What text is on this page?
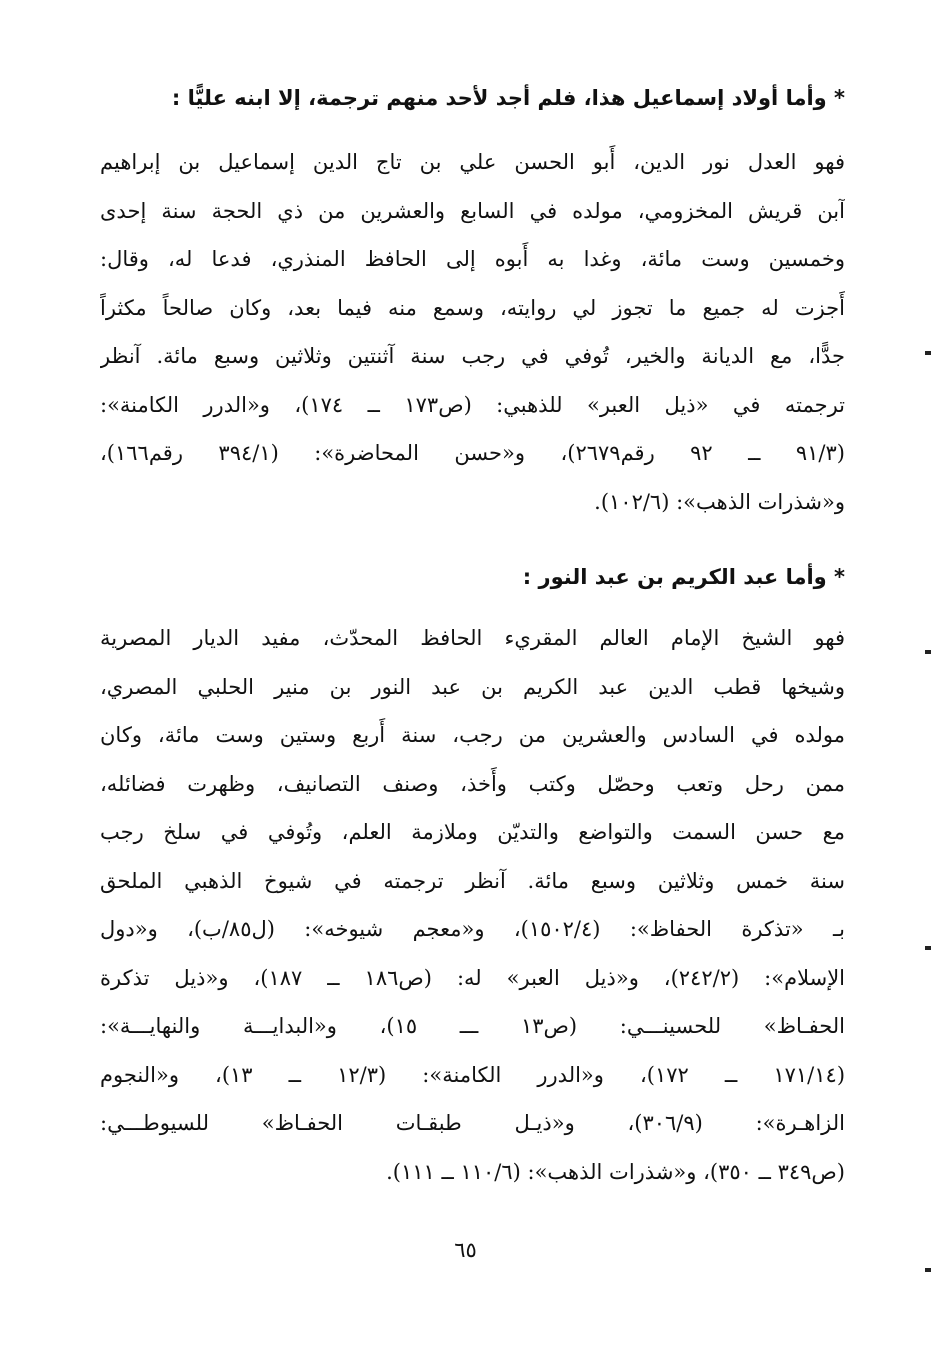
* وأما أولاد إسماعيل هذا، فلم أجد لأحد منهم ترجمة، إلا ابنه عليًّا :
فهو العدل نور الدين، أَبو الحسن علي بن تاج الدين إسماعيل بن إبراهيم
آبن قريش المخزومي، مولده في السابع والعشرين من ذي الحجة سنة إحدى
وخمسين وست مائة، وغدا به أَبوه إلى الحافظ المنذري، فدعا له، وقال:
أَجزت له جميع ما تجوز لي روايته، وسمع منه فيما بعد، وكان صالحاً مكثراً
جدًّا، مع الديانة والخير، تُوفي في رجب سنة آثنتين وثلاثين وسبع مائة. آنظر
ترجمته في «ذيل العبر» للذهبي: (ص١٧٣ ــ ١٧٤)، و«الدرر الكامنة»:
(٩١/٣ ــ ٩٢ رقم٢٦٧٩)، و«حسن المحاضرة»: (٣٩٤/١ رقم١٦٦)،
و«شذرات الذهب»: (١٠٢/٦).
* وأما عبد الكريم بن عبد النور :
فهو الشيخ الإمام العالم المقريء الحافظ المحدّث، مفيد الديار المصرية
وشيخها قطب الدين عبد الكريم بن عبد النور بن منير الحلبي المصري،
مولده في السادس والعشرين من رجب، سنة أَربع وستين وست مائة، وكان
ممن رحل وتعب وحصّل وكتب وأَخذ، وصنف التصانيف، وظهرت فضائله،
مع حسن السمت والتواضع والتديّن وملازمة العلم، وتُوفي في سلخ رجب
سنة خمس وثلاثين وسبع مائة. آنظر ترجمته في شيوخ الذهبي الملحق
بـ «تذكرة الحفاظ»: (١٥٠٢/٤)، و«معجم شيوخه»: (ل٨٥/ب)، و«دول
الإسلام»: (٢٤٢/٢)، و«ذيل العبر» له: (ص١٨٦ ــ ١٨٧)، و«ذيل تذكرة
الحفـاظ» للحسينـــي: (ص١٣ ـــ ١٥)، و«البدايـــة والنهايـــة»:
(١٧١/١٤ ــ ١٧٢)، و«الدرر الكامنة»: (١٢/٣ ــ ١٣)، و«النجوم
الزاهـرة»: (٣٠٦/٩)، و«ذيـل طبقـات الحفـاظ» للسيوطـــي:
(ص٣٤٩ ــ ٣٥٠)، و«شذرات الذهب»: (١١٠/٦ ــ ١١١).
٦٥
